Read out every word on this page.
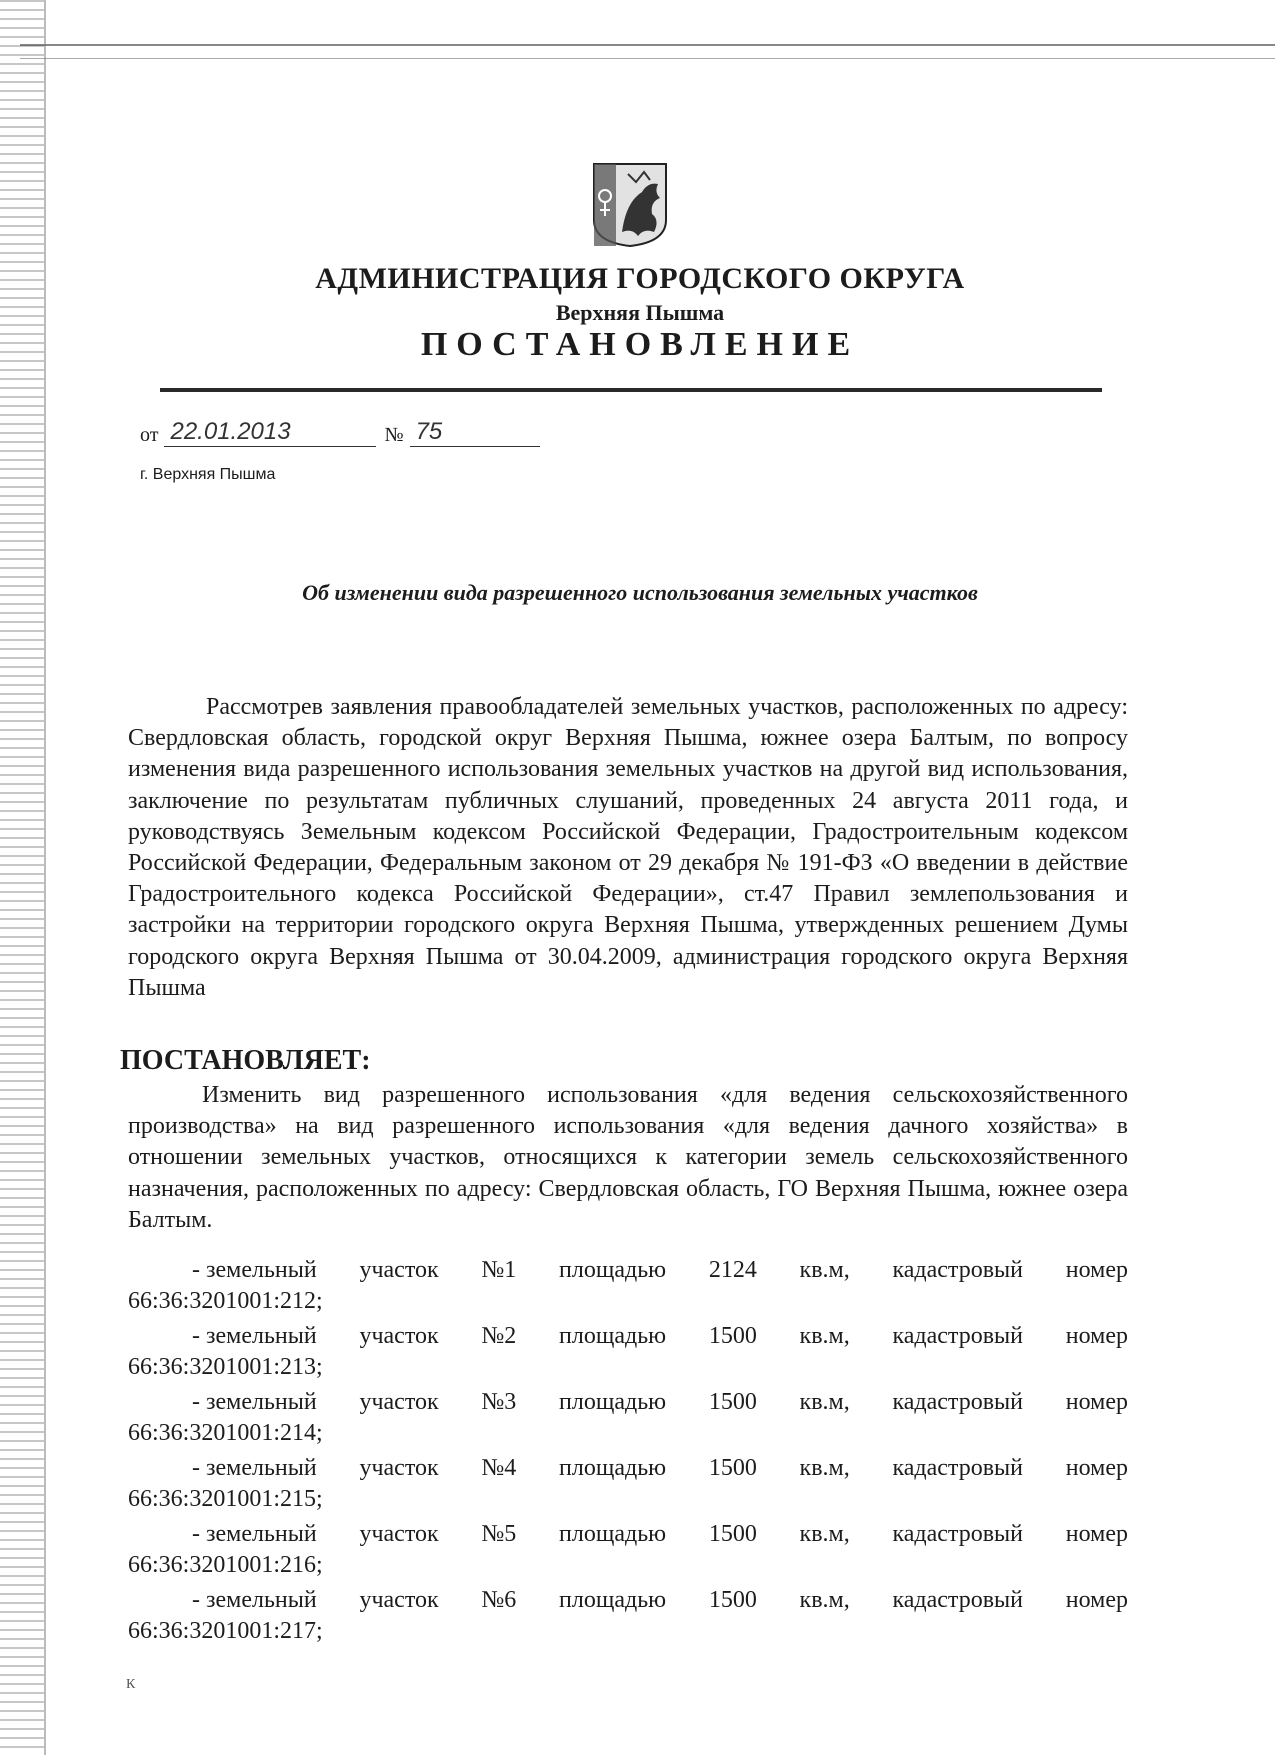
АДМИНИСТРАЦИЯ ГОРОДСКОГО ОКРУГА
Верхняя Пышма
ПОСТАНОВЛЕНИЕ
от 22.01.2013	№ 75
г. Верхняя Пышма
Об изменении вида разрешенного использования земельных участков
Рассмотрев заявления правообладателей земельных участков, расположенных по адресу: Свердловская область, городской округ Верхняя Пышма, южнее озера Балтым, по вопросу изменения вида разрешенного использования земельных участков на другой вид использования, заключение по результатам публичных слушаний, проведенных 24 августа 2011 года, и руководствуясь Земельным кодексом Российской Федерации, Градостроительным кодексом Российской Федерации, Федеральным законом от 29 декабря № 191-ФЗ «О введении в действие Градостроительного кодекса Российской Федерации», ст.47 Правил землепользования и застройки на территории городского округа Верхняя Пышма, утвержденных решением Думы городского округа Верхняя Пышма от 30.04.2009, администрация городского округа Верхняя Пышма
ПОСТАНОВЛЯЕТ:
Изменить вид разрешенного использования «для ведения сельскохозяйственного производства» на вид разрешенного использования «для ведения дачного хозяйства» в отношении земельных участков, относящихся к категории земель сельскохозяйственного назначения, расположенных по адресу: Свердловская область, ГО Верхняя Пышма, южнее озера Балтым.
- земельный участок №1 площадью 2124 кв.м, кадастровый номер
66:36:3201001:212;
- земельный участок №2 площадью 1500 кв.м, кадастровый номер
66:36:3201001:213;
- земельный участок №3 площадью 1500 кв.м, кадастровый номер
66:36:3201001:214;
- земельный участок №4 площадью 1500 кв.м, кадастровый номер
66:36:3201001:215;
- земельный участок №5 площадью 1500 кв.м, кадастровый номер
66:36:3201001:216;
- земельный участок №6 площадью 1500 кв.м, кадастровый номер
66:36:3201001:217;
К
